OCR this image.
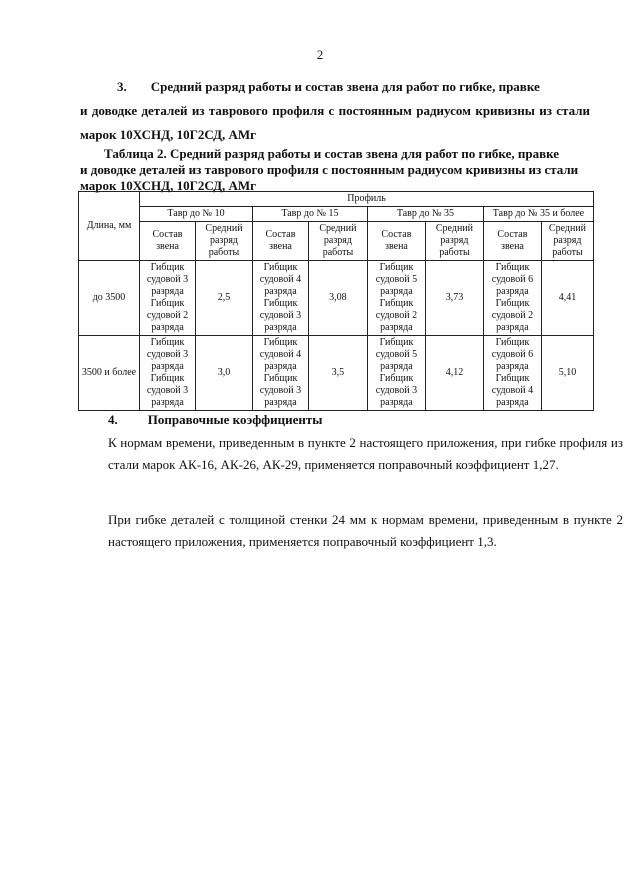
2
3. Средний разряд работы и состав звена для работ по гибке, правке
и доводке деталей из таврового профиля с постоянным радиусом кривизны из стали марок 10ХСНД, 10Г2СД, АМг
Таблица 2. Средний разряд работы и состав звена для работ по гибке, правке
и доводке деталей из таврового профиля с постоянным радиусом кривизны из стали
марок 10ХСНД, 10Г2СД, АМг
Длина, мм	Профиль							
	Тавр до № 10		Тавр до № 15		Тавр до № 35		Тавр до № 35 и более	
	Состав звена	Средний разряд работы	Состав звена	Средний разряд работы	Состав звена	Средний разряд работы	Состав звена	Средний разряд работы
до 3500	Гибщик судовой 3 разряда Гибщик судовой 2 разряда	2,5	Гибщик судовой 4 разряда Гибщик судовой 3 разряда	3,08	Гибщик судовой 5 разряда Гибщик судовой 2 разряда	3,73	Гибщик судовой 6 разряда Гибщик судовой 2 разряда	4,41
3500 и более	Гибщик судовой 3 разряда Гибщик судовой 3 разряда	3,0	Гибщик судовой 4 разряда Гибщик судовой 3 разряда	3,5	Гибщик судовой 5 разряда Гибщик судовой 3 разряда	4,12	Гибщик судовой 6 разряда Гибщик судовой 4 разряда	5,10
4. Поправочные коэффициенты
К нормам времени, приведенным в пункте 2 настоящего приложения, при гибке профиля из стали марок АК-16, АК-26, АК-29, применяется поправочный коэффициент 1,27.
При гибке деталей с толщиной стенки 24 мм к нормам времени, приведенным в пункте 2 настоящего приложения, применяется поправочный коэффициент 1,3.
